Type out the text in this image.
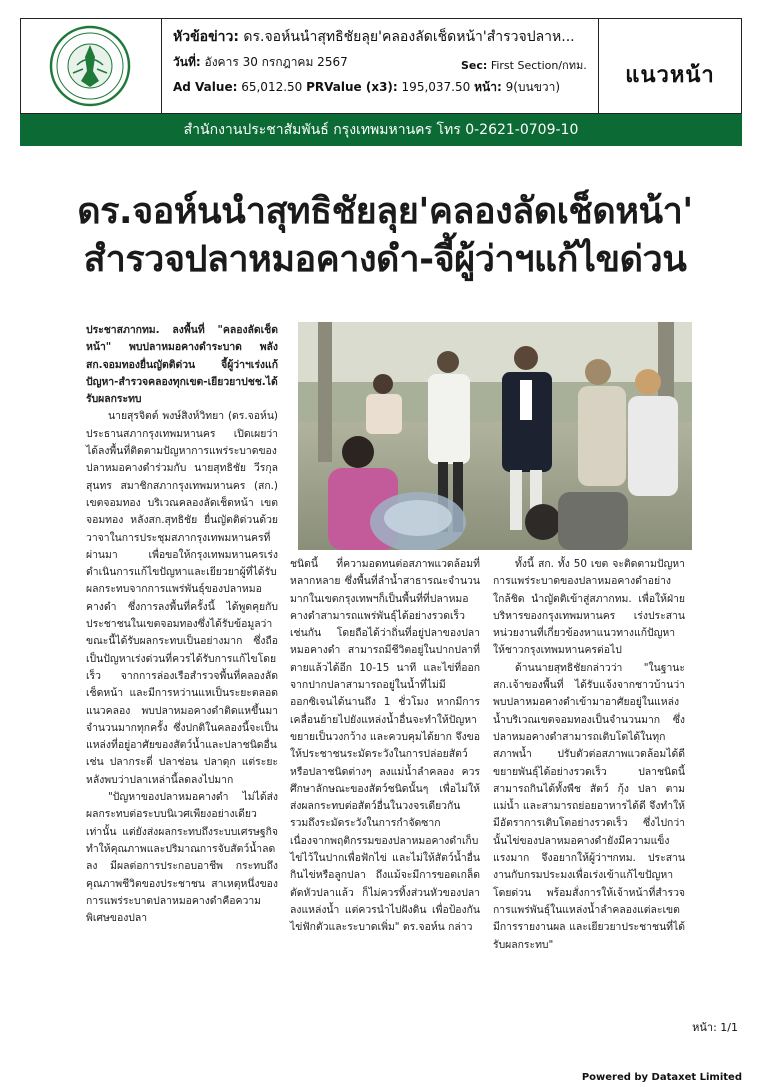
หัวข้อข่าว: ดร.จอห์นนำสุทธิชัยลุย'คลองลัดเช็ดหน้า'สำรวจปลาห...
วันที่: อังคาร 30 กรกฎาคม 2567
Ad Value: 65,012.50 PRValue (x3): 195,037.50 หน้า: 9(บนขวา)
Sec: First Section/กทม.	แนวหน้า
สำนักงานประชาสัมพันธ์ กรุงเทพมหานคร โทร 0-2621-0709-10
ดร.จอห์นนำสุทธิชัยลุย'คลองลัดเช็ดหน้า'
สำรวจปลาหมอคางดำ-จี้ผู้ว่าฯแก้ไขด่วน

ประชาสภากทม. ลงพื้นที่ "คลองลัดเช็ดหน้า" พบปลาหมอคางดำระบาด พลัง สก.จอมทองยื่นญัตติด่วน จี้ผู้ว่าฯเร่งแก้ปัญหา-สำรวจคลองทุกเขต-เยียวยาปชช.ได้รับผลกระทบ

นายสุรจิตต์ พงษ์สิงห์วิทยา (ดร.จอห์น) ประธานสภากรุงเทพมหานคร เปิดเผยว่า ได้ลงพื้นที่ติดตามปัญหาการแพร่ระบาดของปลาหมอคางดำร่วมกับ นายสุทธิชัย วีรกุลสุนทร สมาชิกสภากรุงเทพมหานคร (สก.) เขตจอมทอง บริเวณคลองลัดเช็ดหน้า เขตจอมทอง หลังสก.สุทธิชัย ยื่นญัตติด่วนด้วยวาจาในการประชุมสภากรุงเทพมหานครที่ผ่านมา เพื่อขอให้กรุงเทพมหานครเร่งดำเนินการแก้ไขปัญหาและเยียวยาผู้ที่ได้รับผลกระทบจากการแพร่พันธุ์ของปลาหมอคางดำ ซึ่งการลงพื้นที่ครั้งนี้ ได้พูดคุยกับประชาชนในเขตจอมทองซึ่งได้รับข้อมูลว่าขณะนี้ได้รับผลกระทบเป็นอย่างมาก ซึ่งถือเป็นปัญหาเร่งด่วนที่ควรได้รับการแก้ไขโดยเร็ว จากการล่องเรือสำรวจพื้นที่คลองลัดเช็ดหน้า และมีการหว่านแหเป็นระยะตลอดแนวคลอง พบปลาหมอคางดำติดแหขึ้นมาจำนวนมากทุกครั้ง ซึ่งปกติในคลองนี้จะเป็นแหล่งที่อยู่อาศัยของสัตว์น้ำและปลาชนิดอื่น เช่น ปลากระดี่ ปลาช่อน ปลาดุก แต่ระยะหลังพบว่าปลาเหล่านี้ลดลงไปมาก

"ปัญหาของปลาหมอคางดำ ไม่ได้ส่งผลกระทบต่อระบบนิเวศเพียงอย่างเดียวเท่านั้น แต่ยังส่งผลกระทบถึงระบบเศรษฐกิจ ทำให้คุณภาพและปริมาณการจับสัตว์น้ำลดลง มีผลต่อการประกอบอาชีพ กระทบถึงคุณภาพชีวิตของประชาชน สาเหตุหนึ่งของการแพร่ระบาดปลาหมอคางดำคือความพิเศษของปลา

ชนิดนี้ ที่ความอดทนต่อสภาพแวดล้อมที่หลากหลาย ซึ่งพื้นที่ลำน้ำสาธารณะจำนวนมากในเขตกรุงเทพฯก็เป็นพื้นที่ที่ปลาหมอคางดำสามารถแพร่พันธุ์ได้อย่างรวดเร็วเช่นกัน โดยถือได้ว่าถิ่นที่อยู่ปลาของปลาหมอคางดำ สามารถมีชีวิตอยู่ในปากปลาที่ตายแล้วได้อีก 10-15 นาที และไข่ที่ออกจากปากปลาสามารถอยู่ในน้ำที่ไม่มีออกซิเจนได้นานถึง 1 ชั่วโมง หากมีการเคลื่อนย้ายไปยังแหล่งน้ำอื่นจะทำให้ปัญหาขยายเป็นวงกว้าง และควบคุมได้ยาก จึงขอให้ประชาชนระมัดระวังในการปล่อยสัตว์หรือปลาชนิดต่างๆ ลงแม่น้ำลำคลอง ควรศึกษาลักษณะของสัตว์ชนิดนั้นๆ เพื่อไม่ให้ส่งผลกระทบต่อสัตว์อื่นในวงจรเดียวกัน รวมถึงระมัดระวังในการกำจัดซาก เนื่องจากพฤติกรรมของปลาหมอคางดำเก็บไข่ไว้ในปากเพื่อฟักไข่ และไม่ให้สัตว์น้ำอื่นกินไข่หรือลูกปลา ถึงแม้จะมีการขอตเกล็ดตัดหัวปลาแล้ว ก็ไม่ควรทิ้งส่วนหัวของปลาลงแหล่งน้ำ แต่ควรนำไปฝังดิน เพื่อป้องกันไข่ฟักตัวและระบาดเพิ่ม" ดร.จอห์น กล่าว

ทั้งนี้ สก. ทั้ง 50 เขต จะติดตามปัญหาการแพร่ระบาดของปลาหมอคางดำอย่างใกล้ชิด นำญัตติเข้าสู่สภากทม. เพื่อให้ฝ่ายบริหารของกรุงเทพมหานคร เร่งประสานหน่วยงานที่เกี่ยวข้องหาแนวทางแก้ปัญหาให้ชาวกรุงเทพมหานครต่อไป

ด้านนายสุทธิชัยกล่าวว่า "ในฐานะสก.เจ้าของพื้นที่ ได้รับแจ้งจากชาวบ้านว่าพบปลาหมอคางดำเข้ามาอาศัยอยู่ในแหล่งน้ำบริเวณเขตจอมทองเป็นจำนวนมาก ซึ่งปลาหมอคางดำสามารถเติบโตได้ในทุกสภาพน้ำ ปรับตัวต่อสภาพแวดล้อมได้ดี ขยายพันธุ์ได้อย่างรวดเร็ว ปลาชนิดนี้สามารถกินได้ทั้งพืช สัตว์ กุ้ง ปลา ตามแม่น้ำ และสามารถย่อยอาหารได้ดี จึงทำให้มีอัตราการเติบโตอย่างรวดเร็ว ซึ่งไปกว่านั้นไข่ของปลาหมอคางดำยังมีความแข็งแรงมาก จึงอยากให้ผู้ว่าฯกทม. ประสานงานกับกรมประมงเพื่อเร่งเข้าแก้ไขปัญหาโดยด่วน พร้อมสั่งการให้เจ้าหน้าที่สำรวจการแพร่พันธุ์ในแหล่งน้ำลำคลองแต่ละเขต มีการรายงานผล และเยียวยาประชาชนที่ได้รับผลกระทบ"

หน้า: 1/1
Powered by Dataxet Limited
